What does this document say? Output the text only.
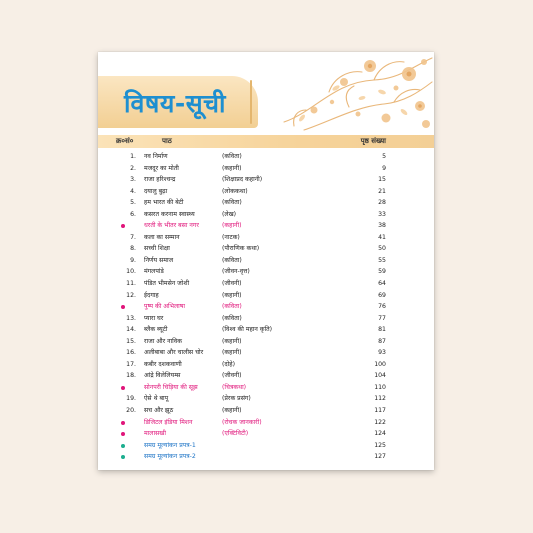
विषय-सूची
क्र०सं०	पाठ	पृष्ठ संख्या
1. नव निर्माण	(कविता)	5
2. मजदूर का मोती	(कहानी)	9
3. राजा हरिश्चन्द्र	(शिक्षाप्रद कहानी)	15
4. दयालु बुढ़ा	(लोककथा)	21
5. हम भारत की बेटी	(कविता)	28
6. कसरत करनाम स्वास्थ्य	(लेख)	33
धरती के भीतर बसा नगर	(कहानी)	38
7. कला का सम्मान	(नाटक)	41
8. सच्ची शिक्षा	(पौराणिक कथा)	50
9. निर्णय समाज	(कविता)	55
10. मंगलपांडे	(जीवन-वृत्त)	59
11. पंडित भीमसेन जोशी	(जीवनी)	64
12. ईदगाह	(कहानी)	69
पुष्प की अभिलाषा	(कविता)	76
13. प्यारा घर	(कविता)	77
14. ब्लैक ब्यूटी	(विश्व की महान कृति)	81
15. राजा और नाविक	(कहानी)	87
16. अलीबाबा और चालीस चोर	(कहानी)	93
17. कबीर दशकवाणी	(दोहे)	100
18. आंद्रे विलेलियम्स	(जीवनी)	104
सोनपरी चिड़िया की सूझ	(चित्रकथा)	110
19. ऐसे थे बापू	(प्रेरक प्रसंग)	112
20. सच और झूठ	(कहानी)	117
डिजिटल इंडिया मिशन	(रोचक जानकारी)	122
मालासखी	(एक्टिविटी)	124
समग्र मूल्यांकन प्रपत्र-1	125
समग्र मूल्यांकन प्रपत्र-2	127
